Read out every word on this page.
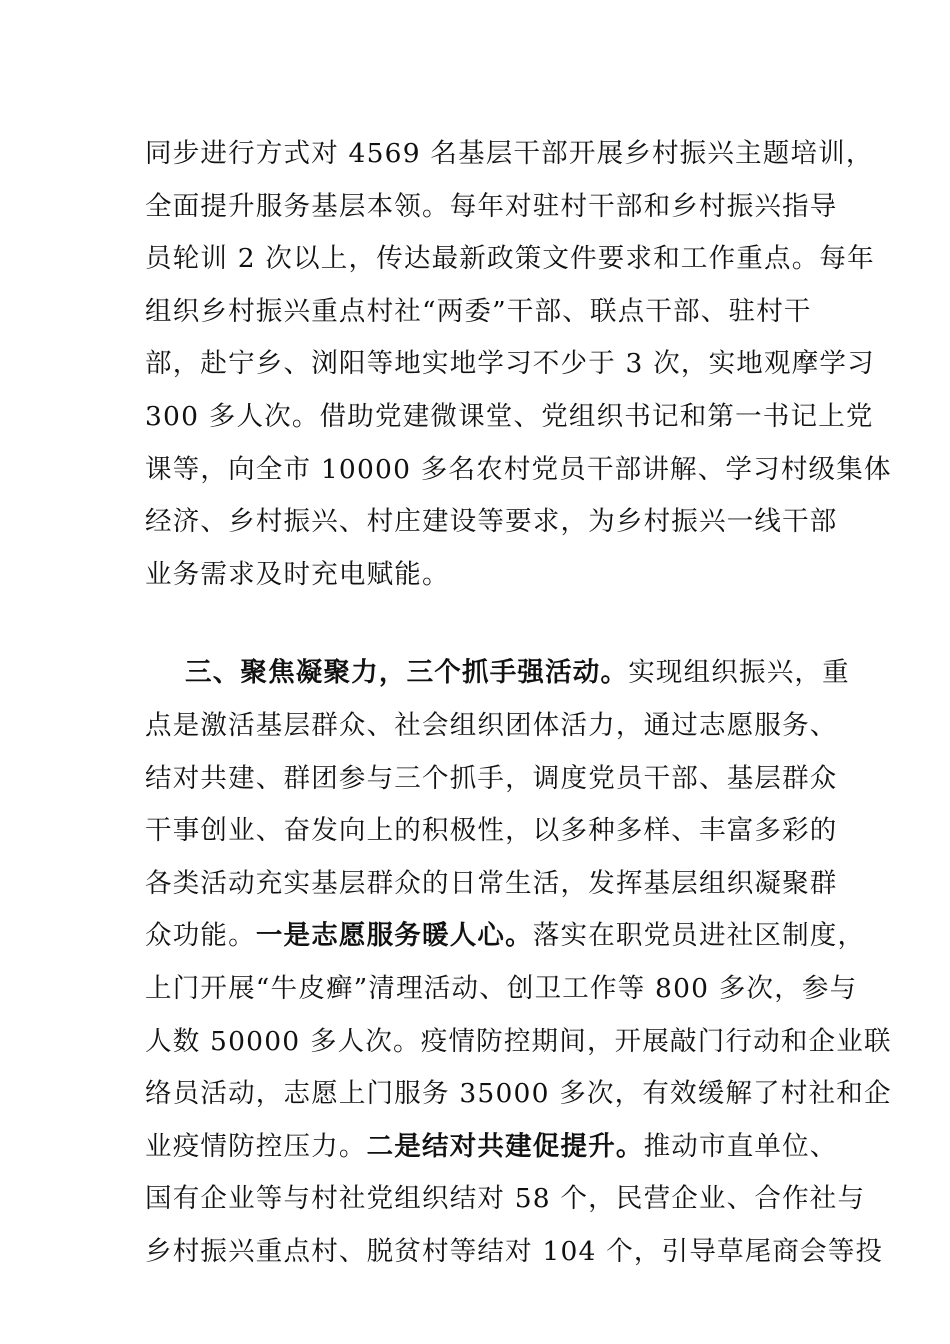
同步进行方式对 4569 名基层干部开展乡村振兴主题培训，
全面提升服务基层本领。每年对驻村干部和乡村振兴指导
员轮训 2 次以上，传达最新政策文件要求和工作重点。每年
组织乡村振兴重点村社“两委”干部、联点干部、驻村干
部，赴宁乡、浏阳等地实地学习不少于 3 次，实地观摩学习
300 多人次。借助党建微课堂、党组织书记和第一书记上党
课等，向全市 10000 多名农村党员干部讲解、学习村级集体
经济、乡村振兴、村庄建设等要求，为乡村振兴一线干部
业务需求及时充电赋能。

三、聚焦凝聚力，三个抓手强活动。实现组织振兴，重
点是激活基层群众、社会组织团体活力，通过志愿服务、
结对共建、群团参与三个抓手，调度党员干部、基层群众
干事创业、奋发向上的积极性，以多种多样、丰富多彩的
各类活动充实基层群众的日常生活，发挥基层组织凝聚群
众功能。一是志愿服务暖人心。落实在职党员进社区制度，
上门开展“牛皮癣”清理活动、创卫工作等 800 多次，参与
人数 50000 多人次。疫情防控期间，开展敲门行动和企业联
络员活动，志愿上门服务 35000 多次，有效缓解了村社和企
业疫情防控压力。二是结对共建促提升。推动市直单位、
国有企业等与村社党组织结对 58 个，民营企业、合作社与
乡村振兴重点村、脱贫村等结对 104 个，引导草尾商会等投
